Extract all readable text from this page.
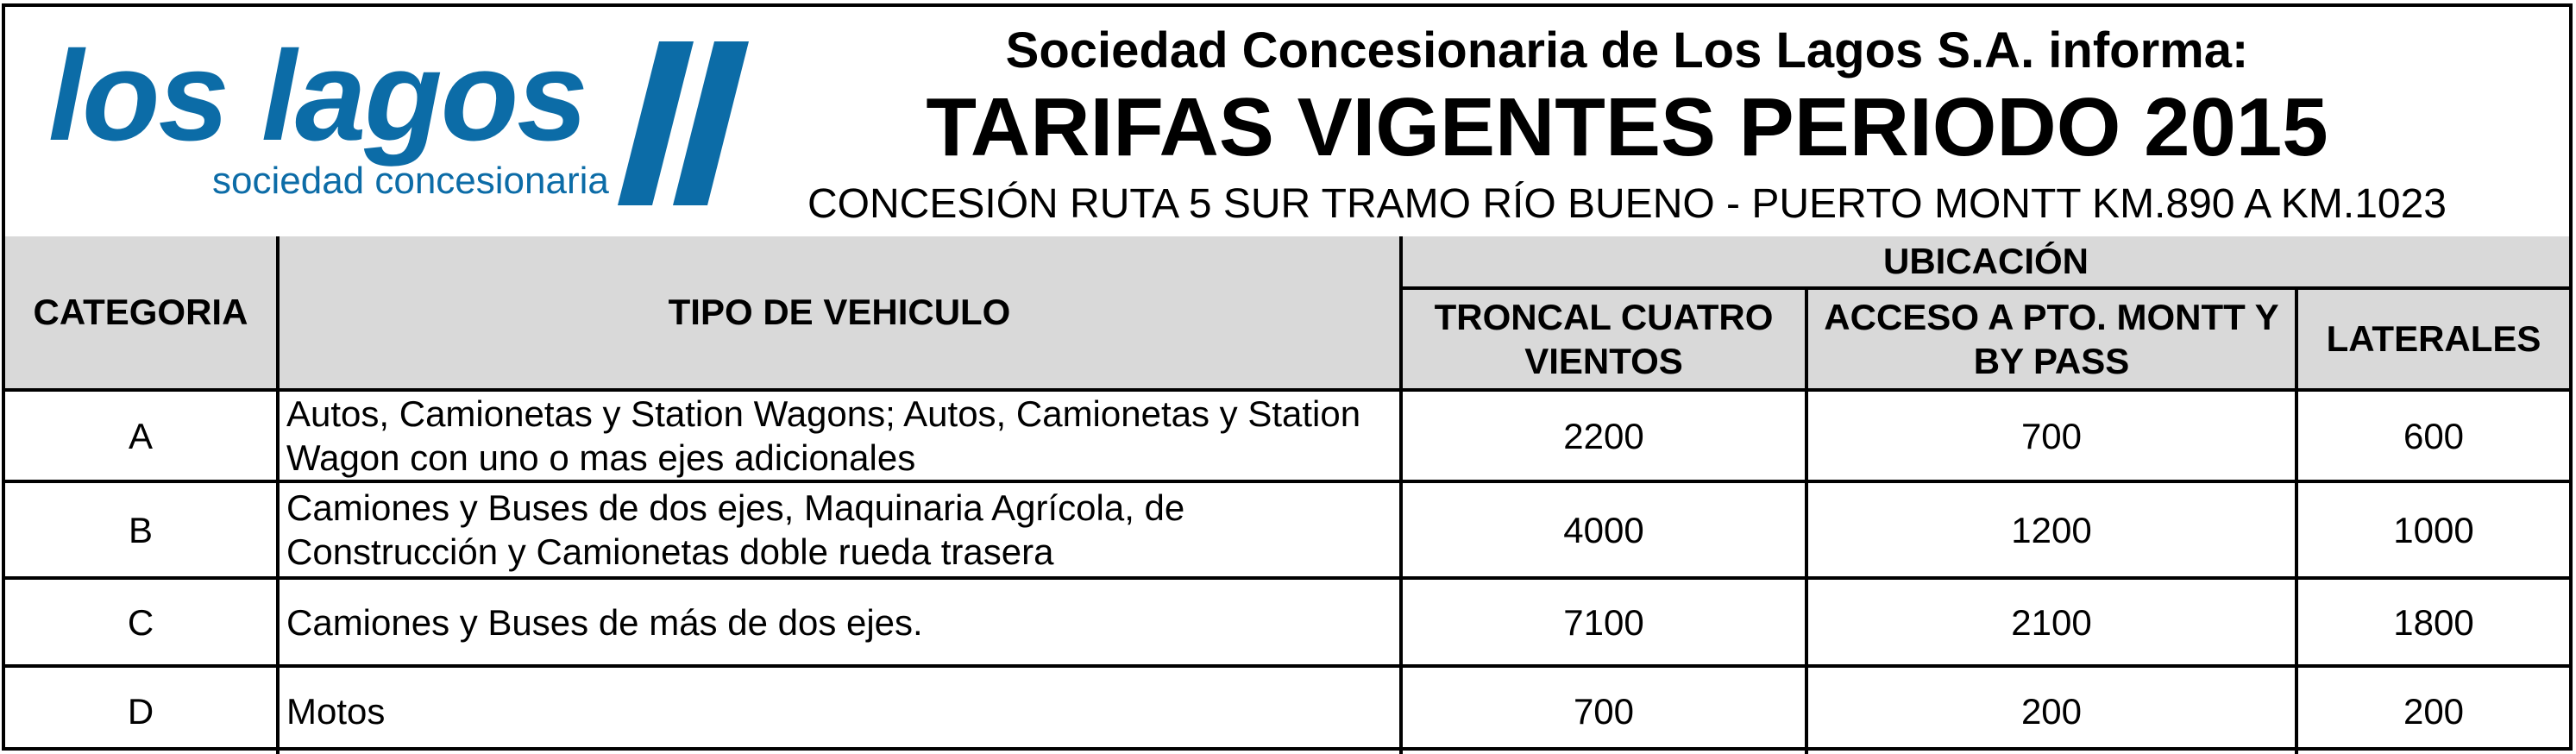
los lagos
sociedad concesionaria
Sociedad Concesionaria de Los Lagos S.A. informa:
TARIFAS VIGENTES PERIODO 2015
CONCESIÓN RUTA 5 SUR TRAMO RÍO BUENO - PUERTO MONTT KM.890 A KM.1023
CATEGORIA	TIPO DE VEHICULO	UBICACIÓN		
		TRONCAL CUATRO VIENTOS	ACCESO A PTO. MONTT Y BY PASS	LATERALES
A	Autos, Camionetas y Station Wagons; Autos, Camionetas y Station Wagon con uno o mas ejes adicionales	2200	700	600
B	Camiones y Buses de dos ejes, Maquinaria Agrícola, de Construcción y Camionetas doble rueda trasera	4000	1200	1000
C	Camiones y Buses de más de dos ejes.	7100	2100	1800
D	Motos	700	200	200
